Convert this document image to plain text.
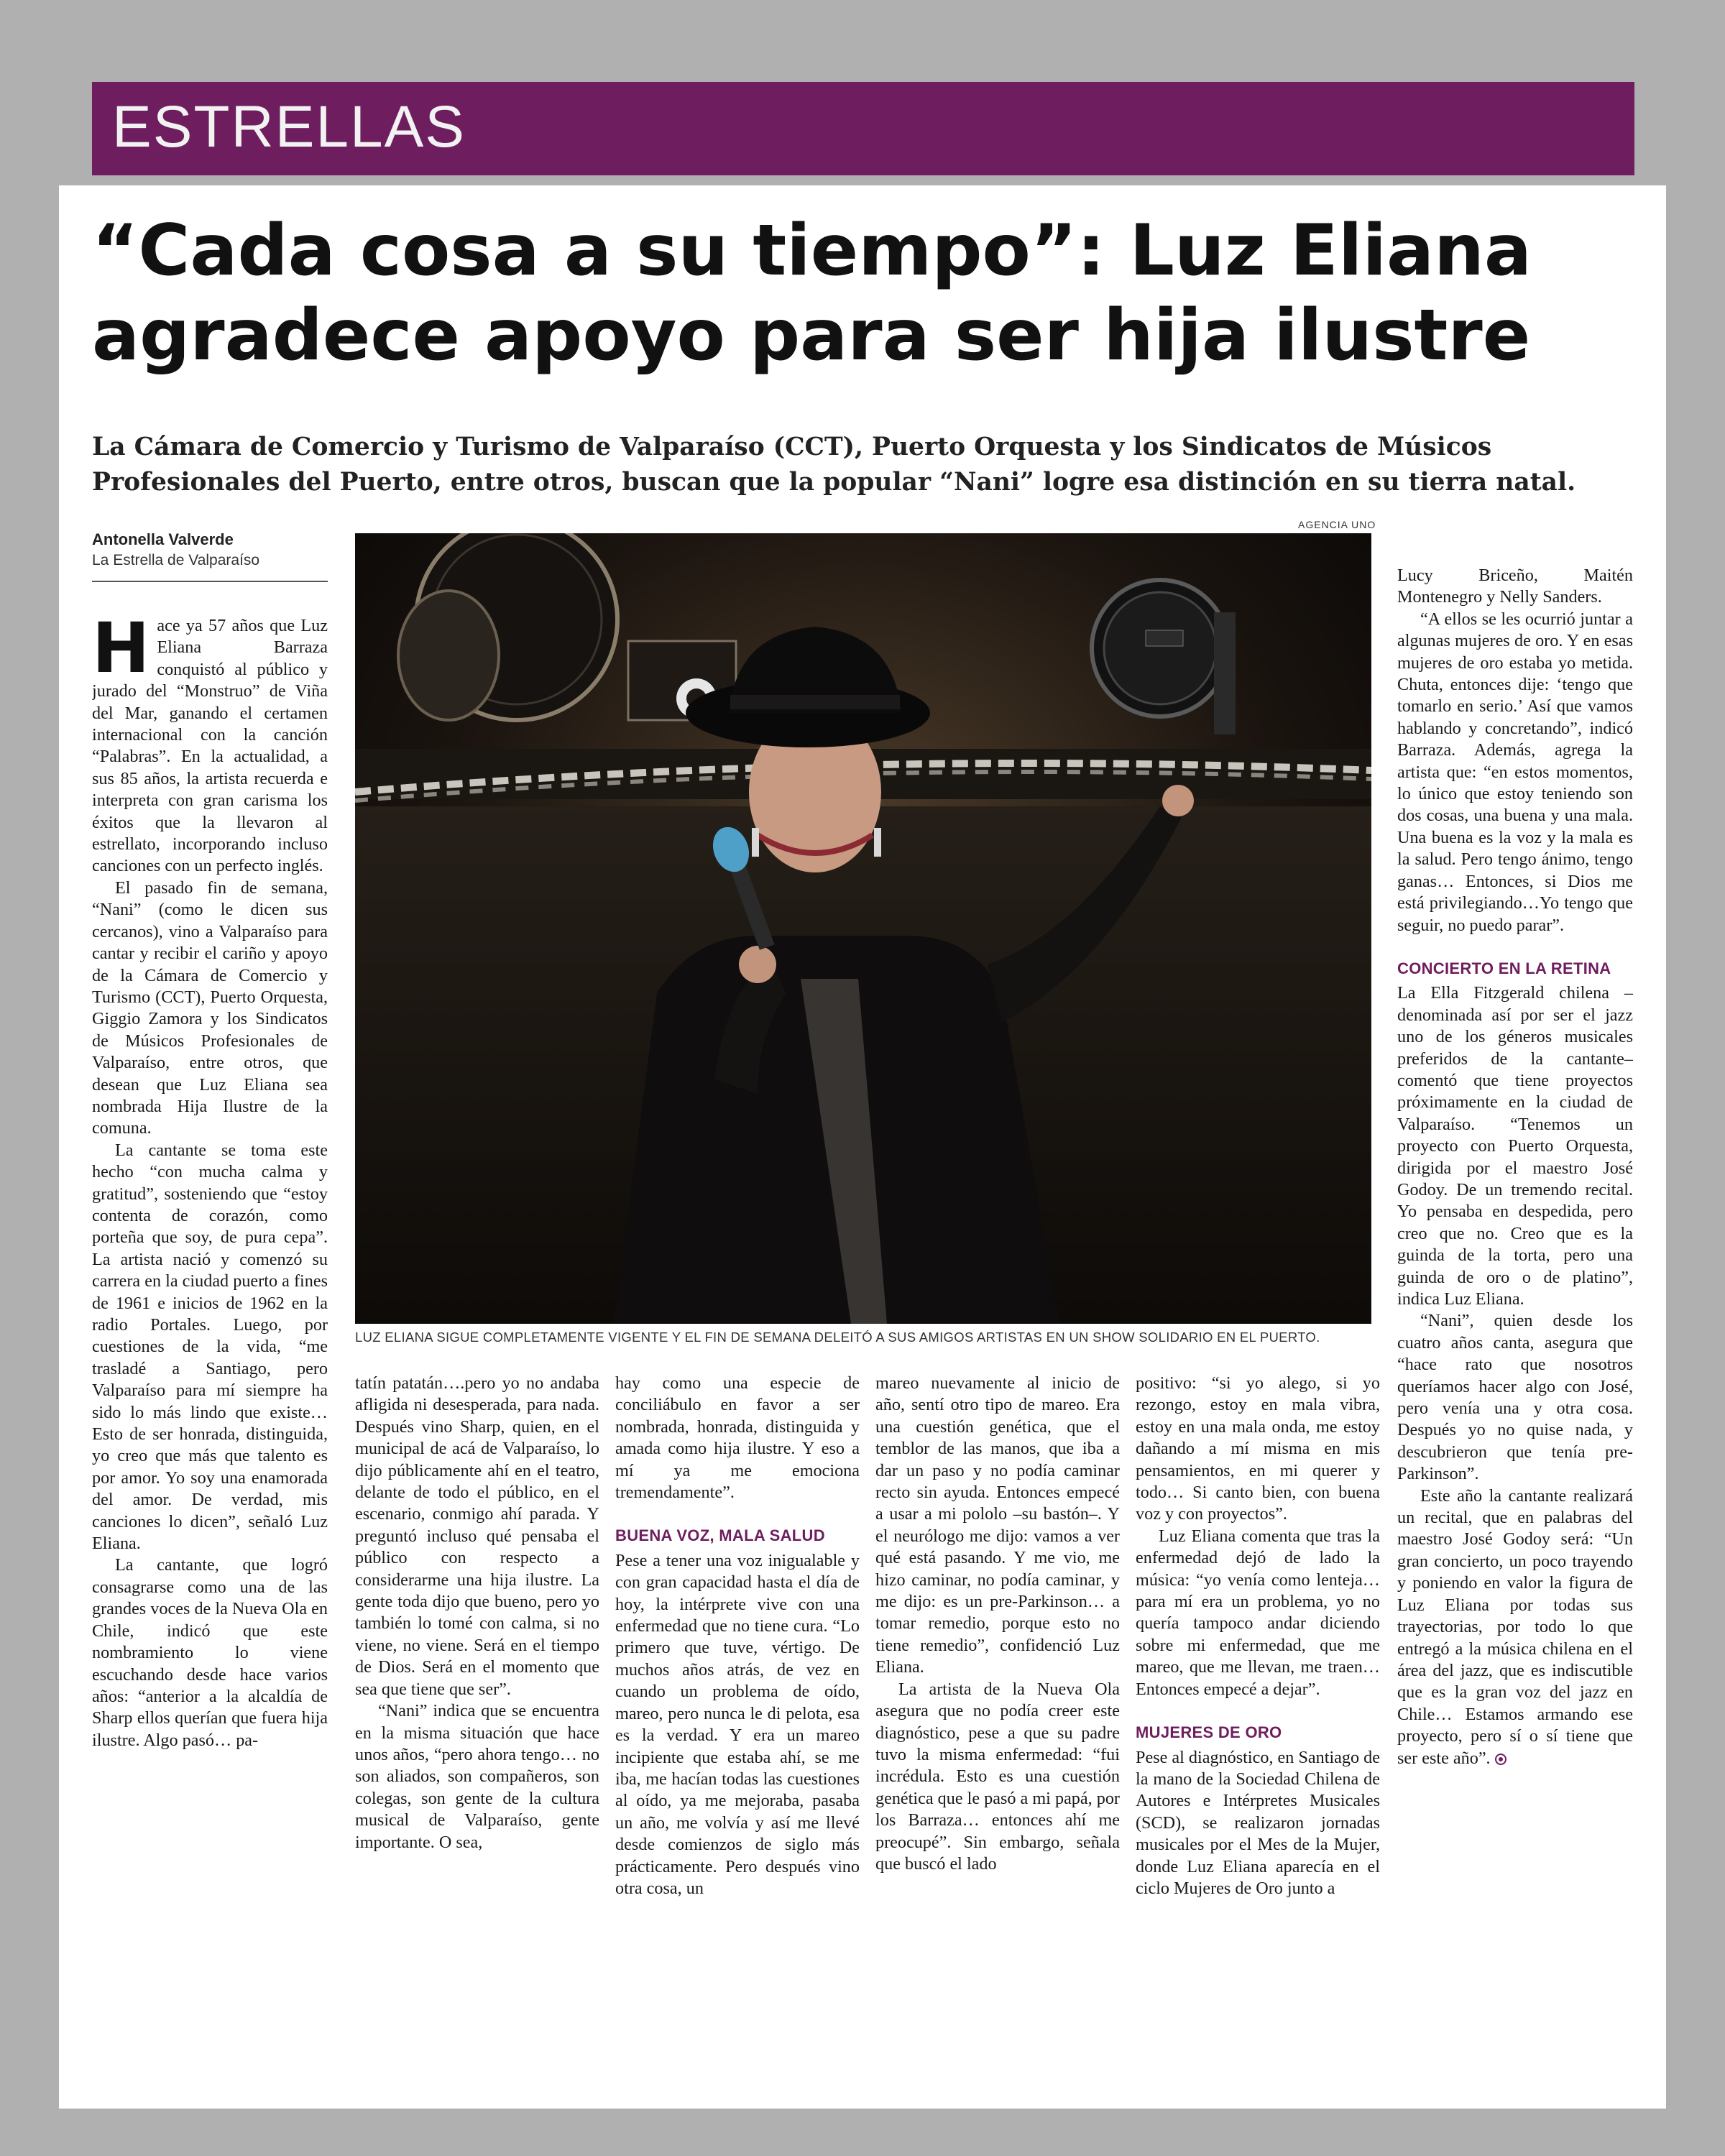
ESTRELLAS
“Cada cosa a su tiempo”: Luz Eliana agradece apoyo para ser hija ilustre

La Cámara de Comercio y Turismo de Valparaíso (CCT), Puerto Orquesta y los Sindicatos de Músicos Profesionales del Puerto, entre otros, buscan que la popular “Nani” logre esa distinción en su tierra natal.

Antonella Valverde
La Estrella de Valparaíso
AGENCIA UNO
LUZ ELIANA SIGUE COMPLETAMENTE VIGENTE Y EL FIN DE SEMANA DELEITÓ A SUS AMIGOS ARTISTAS EN UN SHOW SOLIDARIO EN EL PUERTO.

Hace ya 57 años que Luz Eliana Barraza conquistó al público y jurado del “Monstruo” de Viña del Mar, ganando el certamen internacional con la canción “Palabras”. En la actualidad, a sus 85 años, la artista recuerda e interpreta con gran carisma los éxitos que la llevaron al estrellato, incorporando incluso canciones con un perfecto inglés.

El pasado fin de semana, “Nani” (como le dicen sus cercanos), vino a Valparaíso para cantar y recibir el cariño y apoyo de la Cámara de Comercio y Turismo (CCT), Puerto Orquesta, Giggio Zamora y los Sindicatos de Músicos Profesionales de Valparaíso, entre otros, que desean que Luz Eliana sea nombrada Hija Ilustre de la comuna.

La cantante se toma este hecho “con mucha calma y gratitud”, sosteniendo que “estoy contenta de corazón, como porteña que soy, de pura cepa”. La artista nació y comenzó su carrera en la ciudad puerto a fines de 1961 e inicios de 1962 en la radio Portales. Luego, por cuestiones de la vida, “me trasladé a Santiago, pero Valparaíso para mí siempre ha sido lo más lindo que existe… Esto de ser honrada, distinguida, yo creo que más que talento es por amor. Yo soy una enamorada del amor. De verdad, mis canciones lo dicen”, señaló Luz Eliana.

La cantante, que logró consagrarse como una de las grandes voces de la Nueva Ola en Chile, indicó que este nombramiento lo viene escuchando desde hace varios años: “anterior a la alcaldía de Sharp ellos querían que fuera hija ilustre. Algo pasó… pa-

tatín patatán….pero yo no andaba afligida ni desesperada, para nada. Después vino Sharp, quien, en el municipal de acá de Valparaíso, lo dijo públicamente ahí en el teatro, delante de todo el público, en el escenario, conmigo ahí parada. Y preguntó incluso qué pensaba el público con respecto a considerarme una hija ilustre. La gente toda dijo que bueno, pero yo también lo tomé con calma, si no viene, no viene. Será en el tiempo de Dios. Será en el momento que sea que tiene que ser”.

“Nani” indica que se encuentra en la misma situación que hace unos años, “pero ahora tengo… no son aliados, son compañeros, son colegas, son gente de la cultura musical de Valparaíso, gente importante. O sea,

hay como una especie de conciliábulo en favor a ser nombrada, honrada, distinguida y amada como hija ilustre. Y eso a mí ya me emociona tremendamente”.

BUENA VOZ, MALA SALUD

Pese a tener una voz inigualable y con gran capacidad hasta el día de hoy, la intérprete vive con una enfermedad que no tiene cura. “Lo primero que tuve, vértigo. De muchos años atrás, de vez en cuando un problema de oído, mareo, pero nunca le di pelota, esa es la verdad. Y era un mareo incipiente que estaba ahí, se me iba, me hacían todas las cuestiones al oído, ya me mejoraba, pasaba un año, me volvía y así me llevé desde comienzos de siglo más prácticamente. Pero después vino otra cosa, un

mareo nuevamente al inicio de año, sentí otro tipo de mareo. Era una cuestión genética, que el temblor de las manos, que iba a dar un paso y no podía caminar recto sin ayuda. Entonces empecé a usar a mi pololo –su bastón–. Y el neurólogo me dijo: vamos a ver qué está pasando. Y me vio, me hizo caminar, no podía caminar, y me dijo: es un pre-Parkinson… a tomar remedio, porque esto no tiene remedio”, confidenció Luz Eliana.

La artista de la Nueva Ola asegura que no podía creer este diagnóstico, pese a que su padre tuvo la misma enfermedad: “fui incrédula. Esto es una cuestión genética que le pasó a mi papá, por los Barraza… entonces ahí me preocupé”. Sin embargo, señala que buscó el lado

positivo: “si yo alego, si yo rezongo, estoy en mala vibra, estoy en una mala onda, me estoy dañando a mí misma en mis pensamientos, en mi querer y todo… Si canto bien, con buena voz y con proyectos”.

Luz Eliana comenta que tras la enfermedad dejó de lado la música: “yo venía como lenteja… para mí era un problema, yo no quería tampoco andar diciendo sobre mi enfermedad, que me mareo, que me llevan, me traen… Entonces empecé a dejar”.

MUJERES DE ORO

Pese al diagnóstico, en Santiago de la mano de la Sociedad Chilena de Autores e Intérpretes Musicales (SCD), se realizaron jornadas musicales por el Mes de la Mujer, donde Luz Eliana aparecía en el ciclo Mujeres de Oro junto a

Lucy Briceño, Maitén Montenegro y Nelly Sanders.

“A ellos se les ocurrió juntar a algunas mujeres de oro. Y en esas mujeres de oro estaba yo metida. Chuta, entonces dije: ‘tengo que tomarlo en serio.’ Así que vamos hablando y concretando”, indicó Barraza. Además, agrega la artista que: “en estos momentos, lo único que estoy teniendo son dos cosas, una buena y una mala. Una buena es la voz y la mala es la salud. Pero tengo ánimo, tengo ganas… Entonces, si Dios me está privilegiando…Yo tengo que seguir, no puedo parar”.

CONCIERTO EN LA RETINA

La Ella Fitzgerald chilena –denominada así por ser el jazz uno de los géneros musicales preferidos de la cantante– comentó que tiene proyectos próximamente en la ciudad de Valparaíso. “Tenemos un proyecto con Puerto Orquesta, dirigida por el maestro José Godoy. De un tremendo recital. Yo pensaba en despedida, pero creo que no. Creo que es la guinda de la torta, pero una guinda de oro o de platino”, indica Luz Eliana.

“Nani”, quien desde los cuatro años canta, asegura que “hace rato que nosotros queríamos hacer algo con José, pero venía una y otra cosa. Después yo no quise nada, y descubrieron que tenía pre-Parkinson”.

Este año la cantante realizará un recital, que en palabras del maestro José Godoy será: “Un gran concierto, un poco trayendo y poniendo en valor la figura de Luz Eliana por todas sus trayectorias, por todo lo que entregó a la música chilena en el área del jazz, que es indiscutible que es la gran voz del jazz en Chile… Estamos armando ese proyecto, pero sí o sí tiene que ser este año”.
